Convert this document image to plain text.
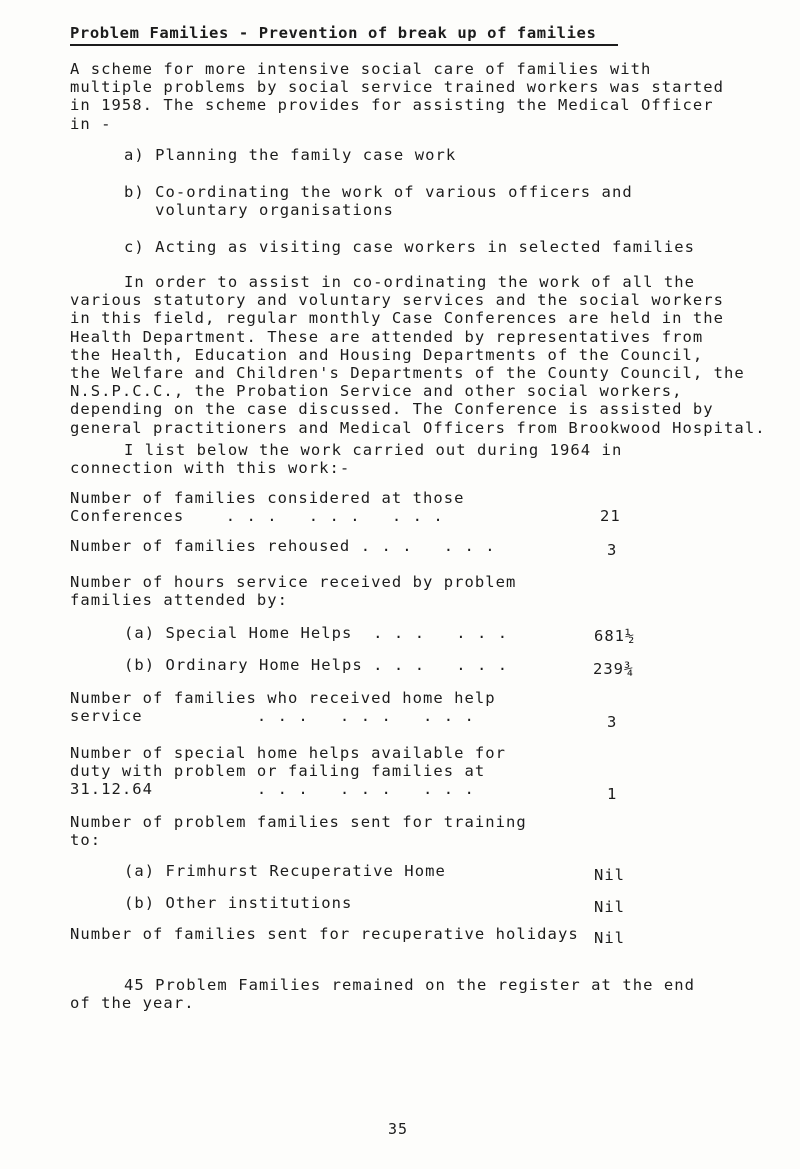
Problem Families - Prevention of break up of families
A scheme for more intensive social care of families with
multiple problems by social service trained workers was started
in 1958. The scheme provides for assisting the Medical Officer
in -
a) Planning the family case work
b) Co-ordinating the work of various officers and
voluntary organisations
c) Acting as visiting case workers in selected families
In order to assist in co-ordinating the work of all the
various statutory and voluntary services and the social workers
in this field, regular monthly Case Conferences are held in the
Health Department. These are attended by representatives from
the Health, Education and Housing Departments of the Council,
the Welfare and Children's Departments of the County Council, the
N.S.P.C.C., the Probation Service and other social workers,
depending on the case discussed. The Conference is assisted by
general practitioners and Medical Officers from Brookwood Hospital.
I list below the work carried out during 1964 in
connection with this work:-
Number of families considered at those
Conferences    . . .   . . .   . . .	21
Number of families rehoused . . .   . . .	3
Number of hours service received by problem
families attended by:
(a) Special Home Helps  . . .   . . .	681½
(b) Ordinary Home Helps . . .   . . .	239¾
Number of families who received home help
service           . . .   . . .   . . .	3
Number of special home helps available for
duty with problem or failing families at
31.12.64          . . .   . . .   . . .	1
Number of problem families sent for training
to:
(a) Frimhurst Recuperative Home	Nil
(b) Other institutions	Nil
Number of families sent for recuperative holidays Nil
45 Problem Families remained on the register at the end
of the year.
35
